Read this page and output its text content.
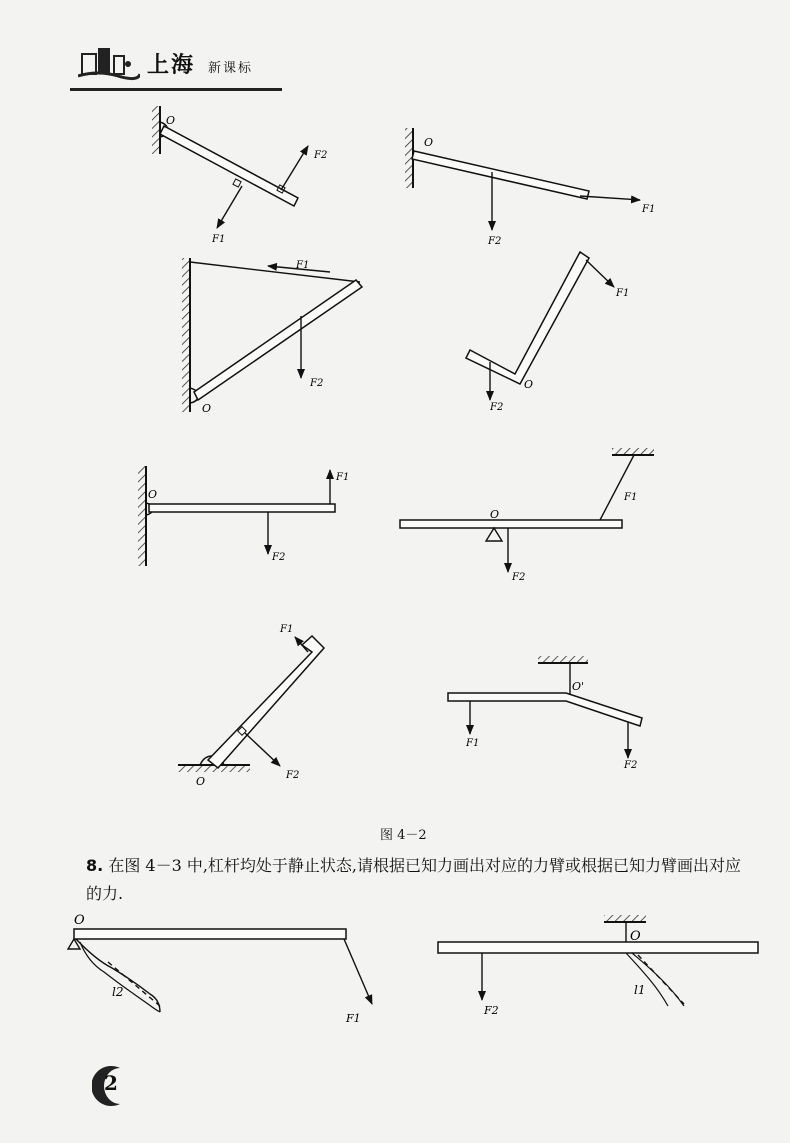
上海 新课标
O
F1
F2
O
F1
F2
O
F1
F2	O
F1
F2
O
F1
F2
O
F1
F2
O
F1
F2
O'
F1
F2
O
l2
F1
O
l1
F2
图 4－2
8. 在图 4－3 中,杠杆均处于静止状态,请根据已知力画出对应的力臂或根据已知力臂画出对应的力.
2
